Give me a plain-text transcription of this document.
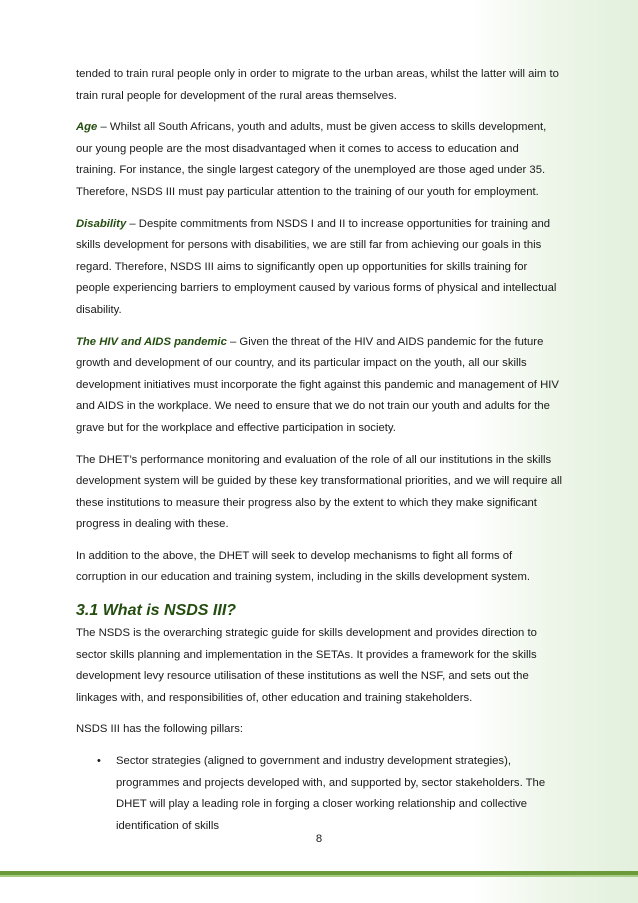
tended to train rural people only in order to migrate to the urban areas, whilst the latter will aim to train rural people for development of the rural areas themselves.

Age – Whilst all South Africans, youth and adults, must be given access to skills development, our young people are the most disadvantaged when it comes to access to education and training. For instance, the single largest category of the unemployed are those aged under 35. Therefore, NSDS III must pay particular attention to the training of our youth for employment.

Disability – Despite commitments from NSDS I and II to increase opportunities for training and skills development for persons with disabilities, we are still far from achieving our goals in this regard. Therefore, NSDS III aims to significantly open up opportunities for skills training for people experiencing barriers to employment caused by various forms of physical and intellectual disability.

The HIV and AIDS pandemic – Given the threat of the HIV and AIDS pandemic for the future growth and development of our country, and its particular impact on the youth, all our skills development initiatives must incorporate the fight against this pandemic and management of HIV and AIDS in the workplace. We need to ensure that we do not train our youth and adults for the grave but for the workplace and effective participation in society.

The DHET’s performance monitoring and evaluation of the role of all our institutions in the skills development system will be guided by these key transformational priorities, and we will require all these institutions to measure their progress also by the extent to which they make significant progress in dealing with these.

In addition to the above, the DHET will seek to develop mechanisms to fight all forms of corruption in our education and training system, including in the skills development system.

3.1 What is NSDS III?

The NSDS is the overarching strategic guide for skills development and provides direction to sector skills planning and implementation in the SETAs. It provides a framework for the skills development levy resource utilisation of these institutions as well the NSF, and sets out the linkages with, and responsibilities of, other education and training stakeholders.

NSDS III has the following pillars:

• Sector strategies (aligned to government and industry development strategies), programmes and projects developed with, and supported by, sector stakeholders. The DHET will play a leading role in forging a closer working relationship and collective identification of skills
8
